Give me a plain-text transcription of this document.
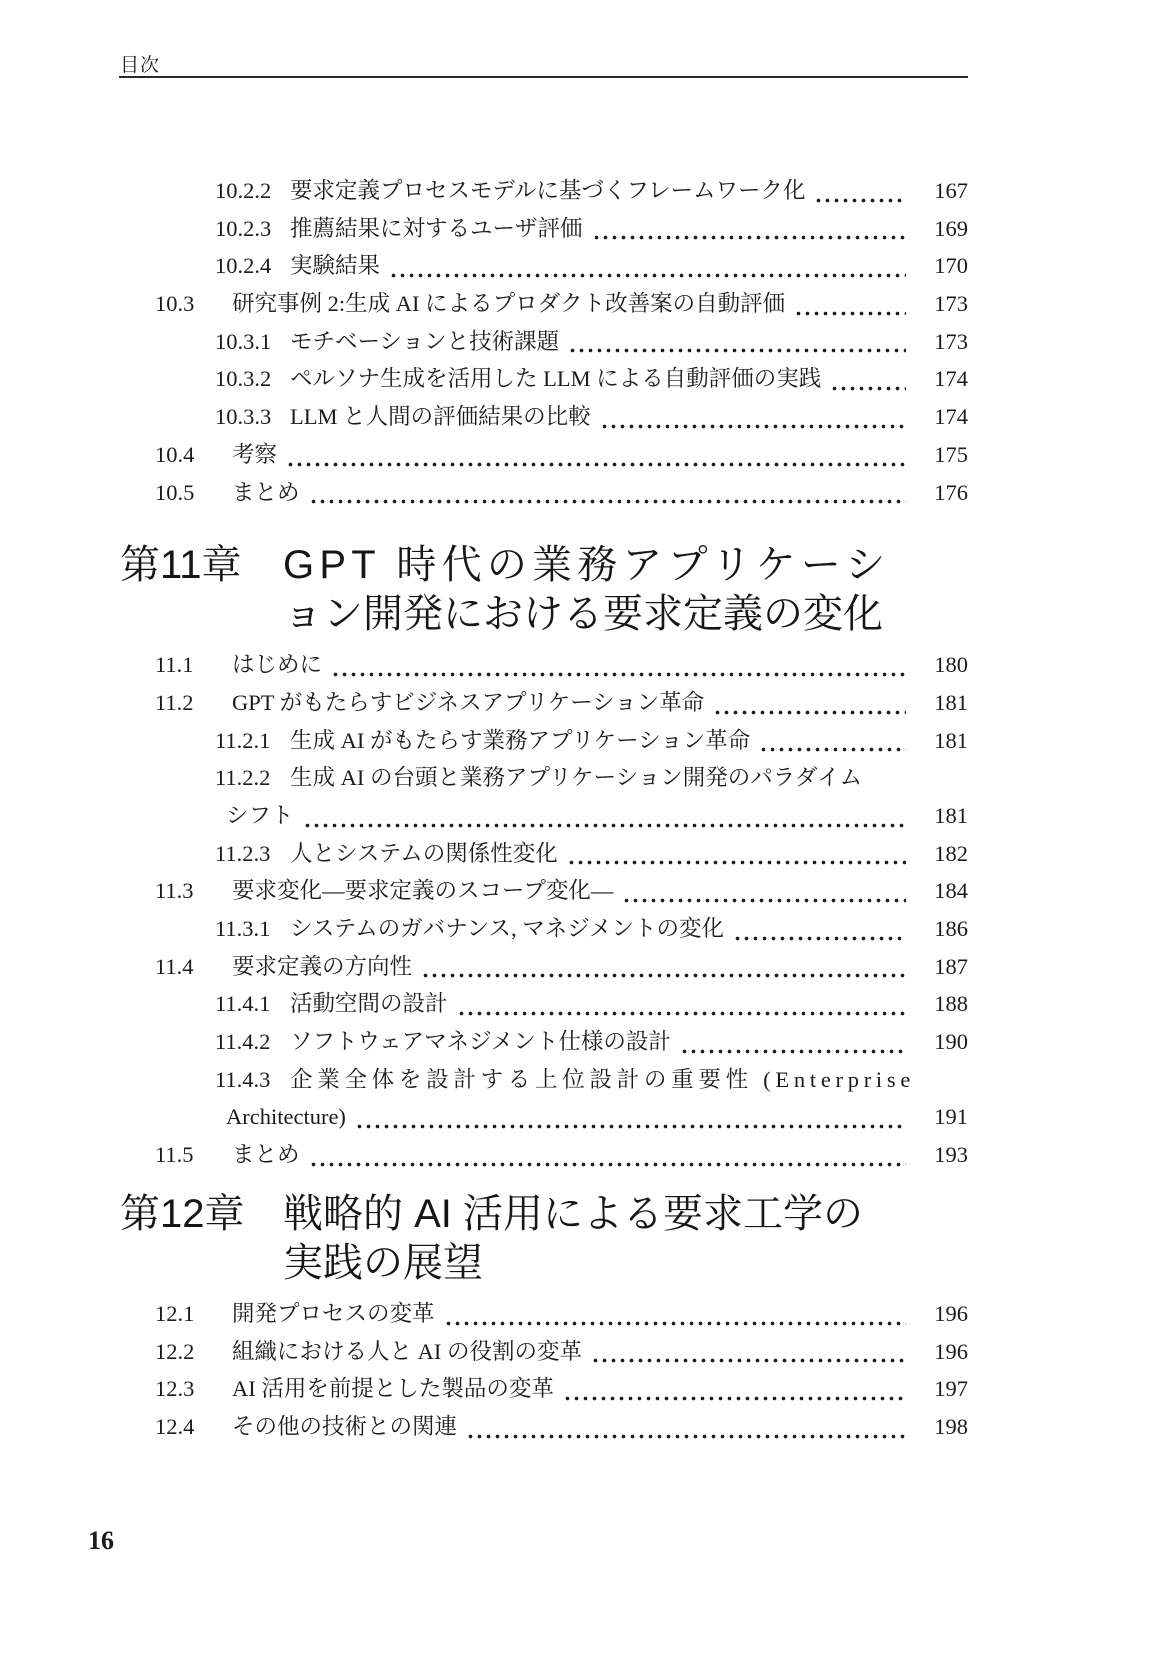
目次
10.2.2 要求定義プロセスモデルに基づくフレームワーク化	167
10.2.3 推薦結果に対するユーザ評価	169
10.2.4 実験結果	170
10.3	研究事例 2:生成 AI によるプロダクト改善案の自動評価	173
10.3.1 モチベーションと技術課題	173
10.3.2 ペルソナ生成を活用した LLM による自動評価の実践	174
10.3.3 LLM と人間の評価結果の比較	174
10.4	考察	175
10.5	まとめ	176
第11章	GPT 時代の業務アプリケーシ
ョン開発における要求定義の変化
11.1	はじめに	180
11.2	GPT がもたらすビジネスアプリケーション革命	181
11.2.1 生成 AI がもたらす業務アプリケーション革命	181
11.2.2 生成 AI の台頭と業務アプリケーション開発のパラダイム
シフト	181
11.2.3 人とシステムの関係性変化	182
11.3	要求変化—要求定義のスコープ変化—	184
11.3.1 システムのガバナンス, マネジメントの変化	186
11.4	要求定義の方向性	187
11.4.1 活動空間の設計	188
11.4.2 ソフトウェアマネジメント仕様の設計	190
11.4.3 企業全体を設計する上位設計の重要性 (Enterprise
Architecture)	191
11.5	まとめ	193
第12章 戦略的 AI 活用による要求工学の
実践の展望
12.1	開発プロセスの変革	196
12.2	組織における人と AI の役割の変革	196
12.3	AI 活用を前提とした製品の変革	197
12.4	その他の技術との関連	198
16
